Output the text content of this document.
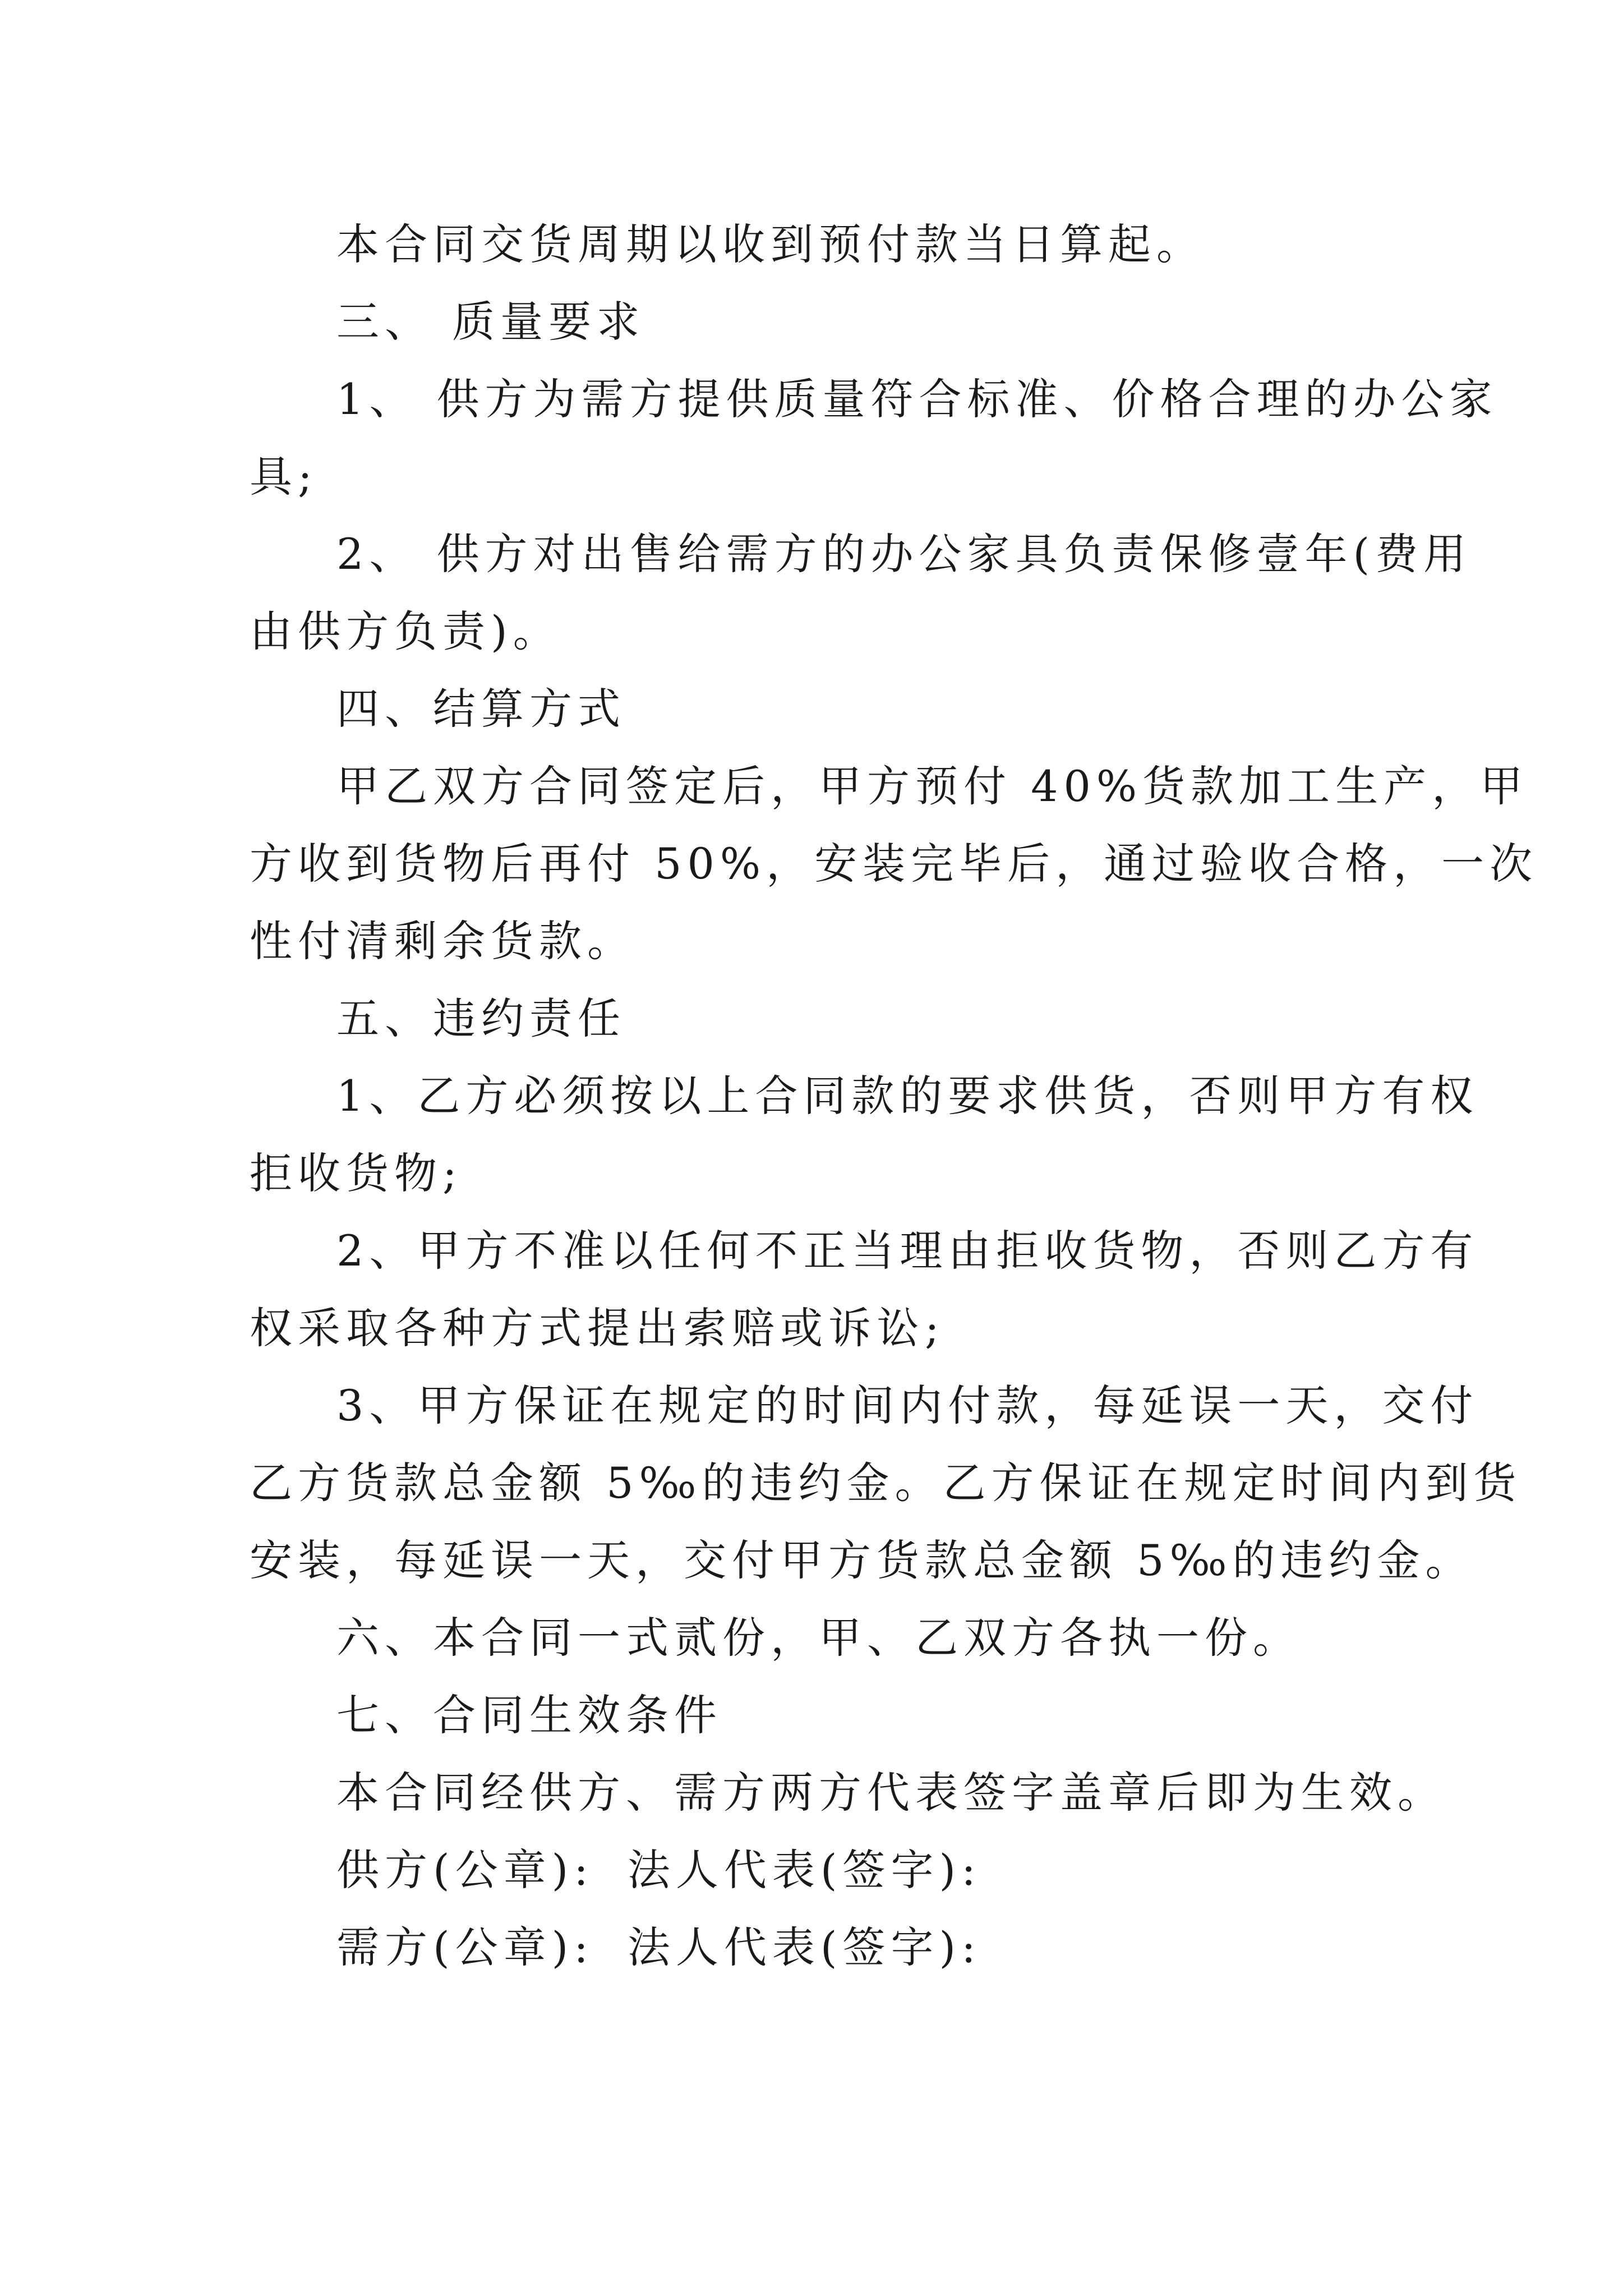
本合同交货周期以收到预付款当日算起。
三、 质量要求
1、 供方为需方提供质量符合标准、价格合理的办公家
具;
2、 供方对出售给需方的办公家具负责保修壹年(费用
由供方负责)。
四、结算方式
甲乙双方合同签定后，甲方预付 40%货款加工生产，甲
方收到货物后再付 50%，安装完毕后，通过验收合格，一次
性付清剩余货款。
五、违约责任
1、乙方必须按以上合同款的要求供货，否则甲方有权
拒收货物;
2、甲方不准以任何不正当理由拒收货物，否则乙方有
权采取各种方式提出索赔或诉讼;
3、甲方保证在规定的时间内付款，每延误一天，交付
乙方货款总金额 5‰的违约金。乙方保证在规定时间内到货
安装，每延误一天，交付甲方货款总金额 5‰的违约金。
六、本合同一式贰份，甲、乙双方各执一份。
七、合同生效条件
本合同经供方、需方两方代表签字盖章后即为生效。
供方(公章): 法人代表(签字):
需方(公章): 法人代表(签字):
